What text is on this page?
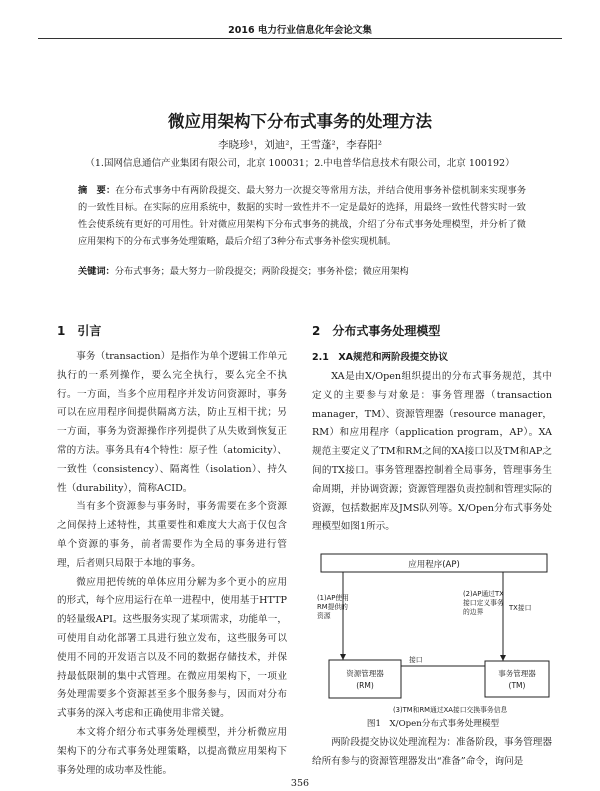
2016 电力行业信息化年会论文集
微应用架构下分布式事务的处理方法
李晓珍¹，刘迪²，王雪蓬²，李春阳²
（1.国网信息通信产业集团有限公司，北京 100031；2.中电普华信息技术有限公司，北京 100192）
摘　要：在分布式事务中有两阶段提交、最大努力一次提交等常用方法，并结合使用事务补偿机制来实现事务的一致性目标。在实际的应用系统中，数据的实时一致性并不一定是最好的选择，用最终一致性代替实时一致性会使系统有更好的可用性。针对微应用架构下分布式事务的挑战，介绍了分布式事务处理模型，并分析了微应用架构下的分布式事务处理策略，最后介绍了3种分布式事务补偿实现机制。
关键词：分布式事务；最大努力一阶段提交；两阶段提交；事务补偿；微应用架构
1　引言

事务（transaction）是指作为单个逻辑工作单元执行的一系列操作，要么完全执行，要么完全不执行。一方面，当多个应用程序并发访问资源时，事务可以在应用程序间提供隔离方法，防止互相干扰；另一方面，事务为资源操作序列提供了从失败到恢复正常的方法。事务具有4个特性：原子性（atomicity）、一致性（consistency）、隔离性（isolation）、持久性（durability），简称ACID。

当有多个资源参与事务时，事务需要在多个资源之间保持上述特性，其重要性和难度大大高于仅包含单个资源的事务，前者需要作为全局的事务进行管理，后者则只局限于本地的事务。

微应用把传统的单体应用分解为多个更小的应用的形式，每个应用运行在单一进程中，使用基于HTTP的轻量级API。这些服务实现了某项需求，功能单一，可使用自动化部署工具进行独立发布，这些服务可以使用不同的开发语言以及不同的数据存储技术，并保持最低限制的集中式管理。在微应用架构下，一项业务处理需要多个资源甚至多个服务参与，因而对分布式事务的深入考虑和正确使用非常关键。

本文将介绍分布式事务处理模型，并分析微应用架构下的分布式事务处理策略，以提高微应用架构下事务处理的成功率及性能。

2　分布式事务处理模型
2.1　XA规范和两阶段提交协议

XA是由X/Open组织提出的分布式事务规范，其中定义的主要参与对象是：事务管理器（transaction manager，TM）、资源管理器（resource manager，RM）和应用程序（application program，AP）。XA规范主要定义了TM和RM之间的XA接口以及TM和AP之间的TX接口。事务管理器控制着全局事务，管理事务生命周期，并协调资源；资源管理器负责控制和管理实际的资源，包括数据库及JMS队列等。X/Open分布式事务处理模型如图1所示。

应用程序(AP)
(1)AP使用
RM提供的
资源
(2)AP通过TX
接口定义事务
的边界	TX接口
资源管理器
(RM)
事务管理器
(TM)
接口
(3)TM和RM通过XA接口交换事务信息
图1　X/Open分布式事务处理模型

两阶段提交协议处理流程为：准备阶段，事务管理器给所有参与的资源管理器发出“准备”命令，询问是

356
